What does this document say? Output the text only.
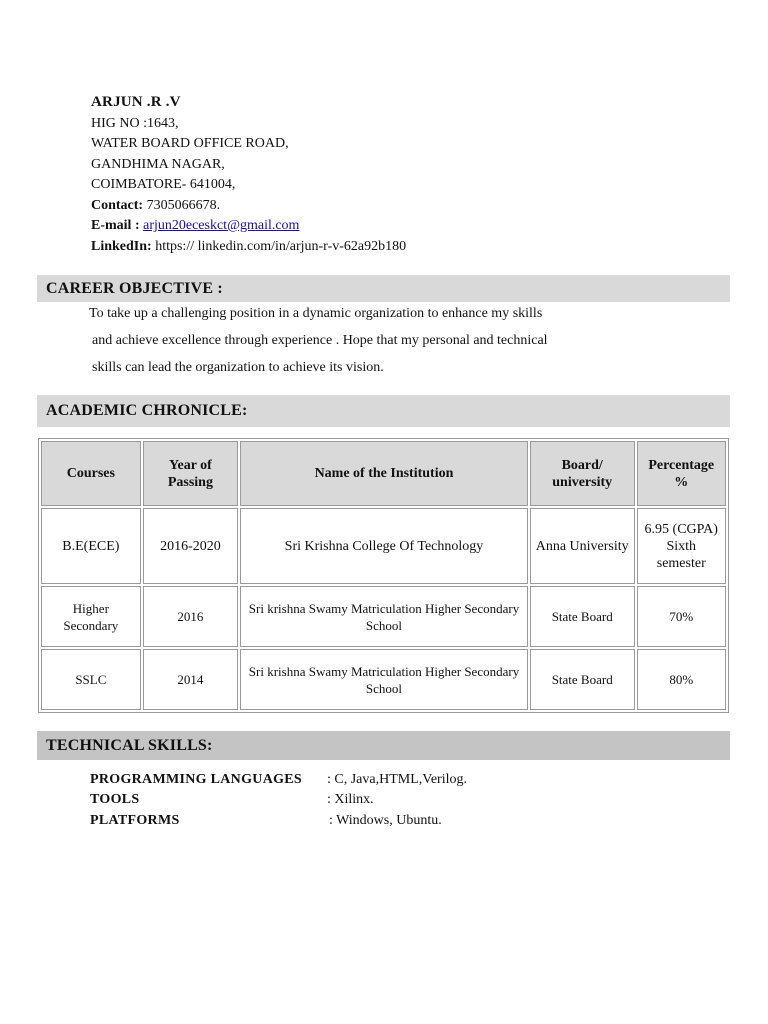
ARJUN .R .V
HIG NO :1643,
WATER BOARD OFFICE ROAD,
GANDHIMA NAGAR,
COIMBATORE- 641004,
Contact: 7305066678.
E-mail : arjun20eceskct@gmail.com
LinkedIn: https:// linkedin.com/in/arjun-r-v-62a92b180
CAREER OBJECTIVE :
To take up a challenging position in a dynamic organization to enhance my skills
and achieve excellence through experience . Hope that my personal and technical
skills can lead the organization to achieve its vision.
ACADEMIC CHRONICLE:
Courses	Year of Passing	Name of the Institution	Board/ university	Percentage %
B.E(ECE)	2016-2020	Sri Krishna College Of Technology	Anna University	6.95 (CGPA) Sixth semester
Higher Secondary	2016	Sri krishna Swamy Matriculation Higher Secondary School	State Board	70%
SSLC	2014	Sri krishna Swamy Matriculation Higher Secondary School	State Board	80%
TECHNICAL SKILLS:
PROGRAMMING LANGUAGES : C, Java,HTML,Verilog.
TOOLS	: Xilinx.
PLATFORMS	: Windows, Ubuntu.
